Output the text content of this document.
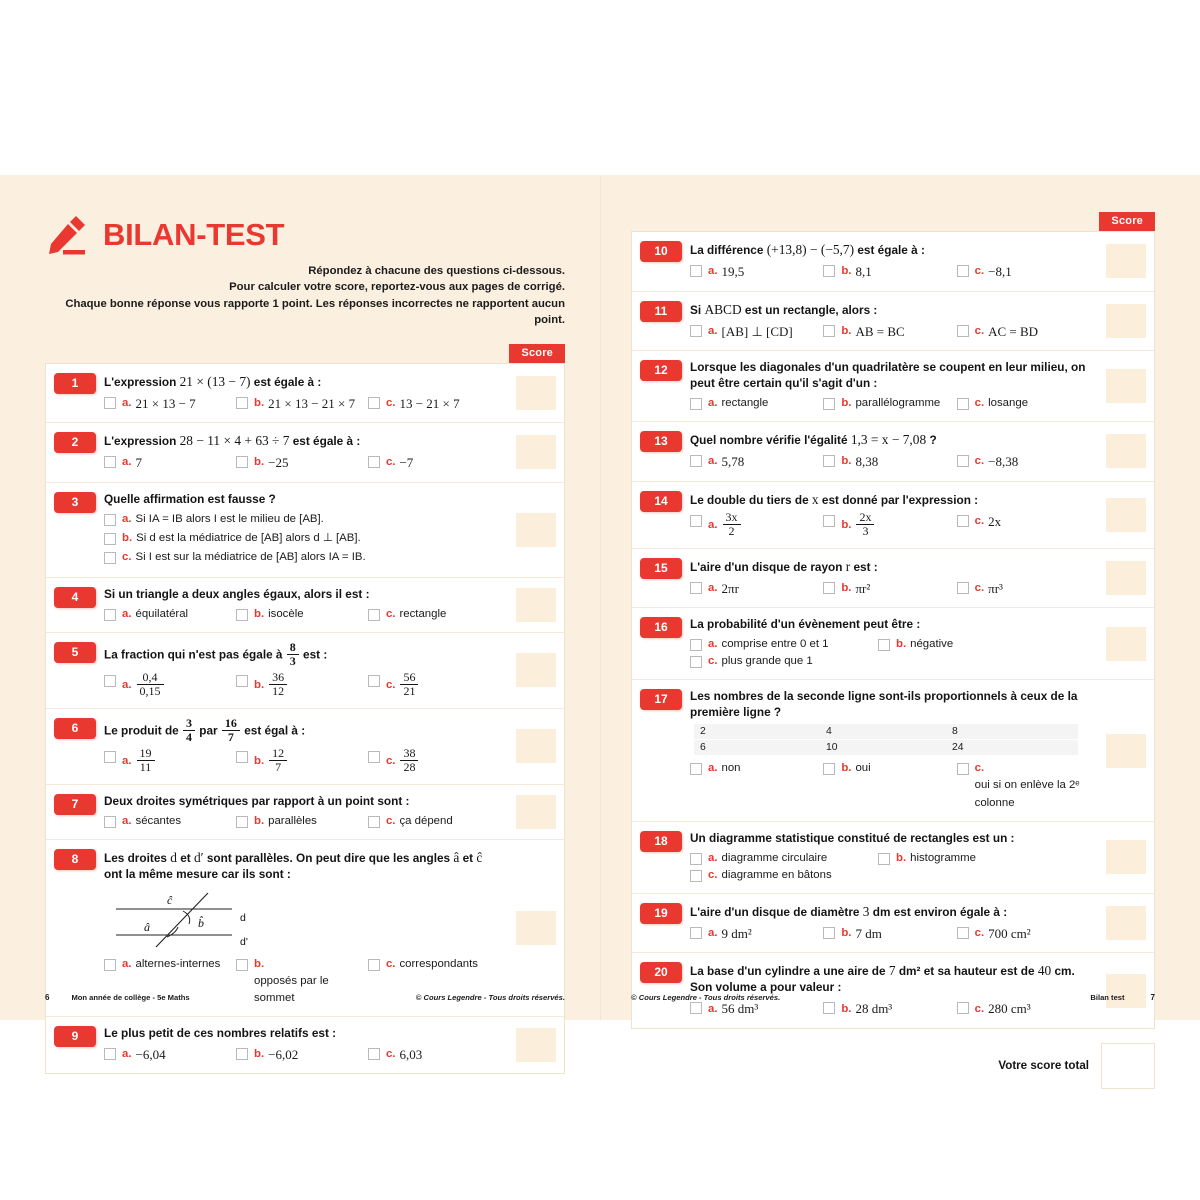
BILAN-TEST
Répondez à chacune des questions ci-dessous.
Pour calculer votre score, reportez-vous aux pages de corrigé.
Chaque bonne réponse vous rapporte 1 point. Les réponses incorrectes ne rapportent aucun point.
Score
1	L'expression 21 × (13 − 7) est égale à :
a. 21 × 13 − 7	b. 21 × 13 − 21 × 7	c. 13 − 21 × 7
2	L'expression 28 − 11 × 4 + 63 ÷ 7 est égale à :
a. 7	b. −25	c. −7
3	Quelle affirmation est fausse ?
a. Si IA = IB alors I est le milieu de [AB].
b. Si d est la médiatrice de [AB] alors d ⊥ [AB].
c. Si I est sur la médiatrice de [AB] alors IA = IB.
4	Si un triangle a deux angles égaux, alors il est :
a. équilatéral	b. isocèle	c. rectangle
5	La fraction qui n'est pas égale à $\frac{8}{3}$ est :
a. $\frac{0,4}{0,15}$	b. $\frac{36}{12}$	c. $\frac{56}{21}$
6	Le produit de $\frac{3}{4}$ par $\frac{16}{7}$ est égal à :
a. $\frac{19}{11}$	b. $\frac{12}{7}$	c. $\frac{38}{28}$
7	Deux droites symétriques par rapport à un point sont :
a. sécantes	b. parallèles	c. ça dépend
8	Les droites d et d′ sont parallèles. On peut dire que les angles â et ĉ ont la même mesure car ils sont :
ĉ
b̂
â
d
d'
a. alternes-internes	b.
opposés par le sommet
c. correspondants
9	Le plus petit de ces nombres relatifs est :
a. −6,04	b. −6,02	c. 6,03
6	Mon année de collège - 5e Maths	© Cours Legendre - Tous droits réservés.
Score
10	La différence (+13,8) − (−5,7) est égale à :
a. 19,5	b. 8,1	c. −8,1
11	Si ABCD est un rectangle, alors :
a. [AB] ⊥ [CD]	b. AB = BC	c. AC = BD
12	Lorsque les diagonales d'un quadrilatère se coupent en leur milieu, on peut être certain qu'il s'agit d'un :
a. rectangle	b. parallélogramme	c. losange
13	Quel nombre vérifie l'égalité 1,3 = x − 7,08 ?
a. 5,78	b. 8,38	c. −8,38
14	Le double du tiers de x est donné par l'expression :
a. $\frac{3x}{2}$	b. $\frac{2x}{3}$	c. 2x
15	L'aire d'un disque de rayon r est :
a. 2πr	b. πr²	c. πr³
16	La probabilité d'un évènement peut être :
a. comprise entre 0 et 1	b. négative
c. plus grande que 1
17	Les nombres de la seconde ligne sont-ils proportionnels à ceux de la première ligne ?
2	4	8
6	10	24
a. non	b. oui	c.
oui si on enlève la 2ᵉ colonne
18	Un diagramme statistique constitué de rectangles est un :
a. diagramme circulaire	b. histogramme
c. diagramme en bâtons
19	L'aire d'un disque de diamètre 3 dm est environ égale à :
a. 9 dm²	b. 7 dm	c. 700 cm²
20	La base d'un cylindre a une aire de 7 dm² et sa hauteur est de 40 cm. Son volume a pour valeur :
a. 56 dm³	b. 28 dm³	c. 280 cm³
Votre score total
© Cours Legendre - Tous droits réservés.	Bilan test	7
